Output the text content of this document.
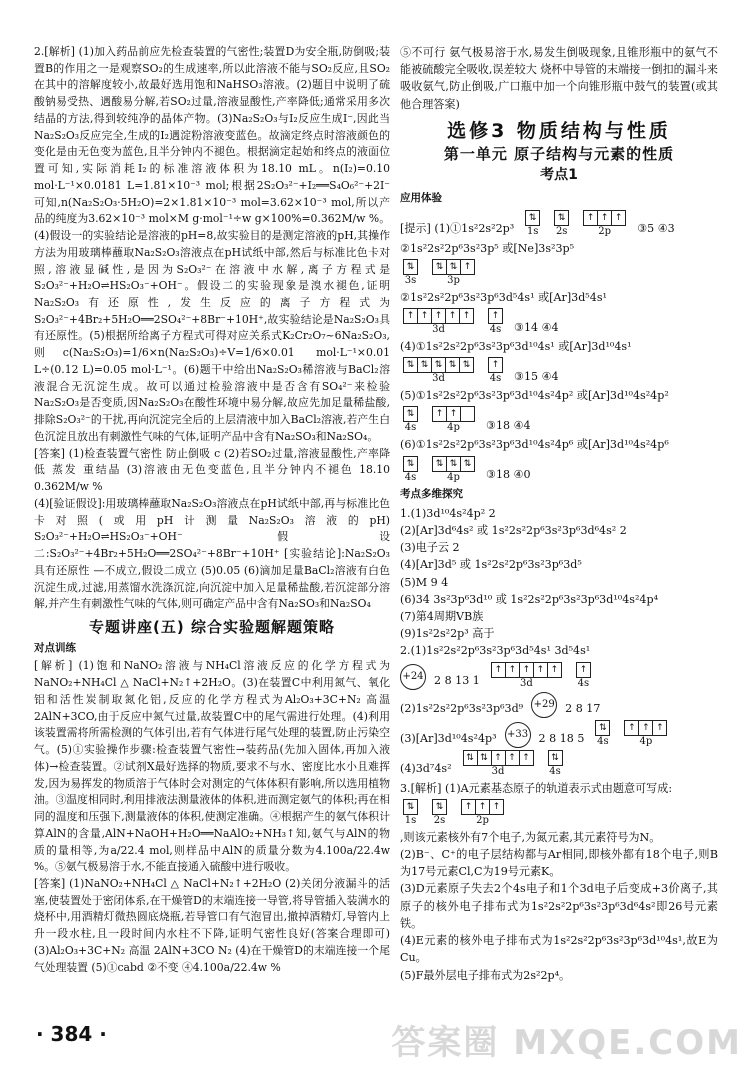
2.[解析] (1)加入药品前应先检查装置的气密性;装置D为安全瓶,防倒吸;装置B的作用之一是观察SO₂的生成速率,所以此溶液不能与SO₂反应,且SO₂在其中的溶解度较小,故最好选用饱和NaHSO₃溶液。(2)题目中说明了硫酸钠易受热、遇酸易分解,若SO₂过量,溶液显酸性,产率降低;通常采用多次结晶的方法,得到较纯净的晶体产物。(3)Na₂S₂O₃与I₂反应生成I⁻,因此当Na₂S₂O₃反应完全,生成的I₂遇淀粉溶液变蓝色。故滴定终点时溶液颜色的变化是由无色变为蓝色,且半分钟内不褪色。根据滴定起始和终点的液面位置可知,实际消耗I₂的标准溶液体积为18.10 mL。n(I₂)=0.10 mol·L⁻¹×0.0181 L=1.81×10⁻³ mol;根据2S₂O₃²⁻+I₂══S₄O₆²⁻+2I⁻可知,n(Na₂S₂O₃·5H₂O)=2×1.81×10⁻³ mol=3.62×10⁻³ mol,所以产品的纯度为3.62×10⁻³ mol×M g·mol⁻¹÷w g×100%=0.362M/w %。(4)假设一的实验结论是溶液的pH=8,故实验目的是测定溶液的pH,其操作方法为用玻璃棒蘸取Na₂S₂O₃溶液点在pH试纸中部,然后与标准比色卡对照,溶液显碱性,是因为S₂O₃²⁻在溶液中水解,离子方程式是S₂O₃²⁻+H₂O⇌HS₂O₃⁻+OH⁻。假设二的实验现象是溴水褪色,证明Na₂S₂O₃有还原性,发生反应的离子方程式为S₂O₃²⁻+4Br₂+5H₂O══2SO₄²⁻+8Br⁻+10H⁺,故实验结论是Na₂S₂O₃具有还原性。(5)根据所给离子方程式可得对应关系式K₂Cr₂O₇~6Na₂S₂O₃,则c(Na₂S₂O₃)=1/6×n(Na₂S₂O₃)÷V=1/6×0.01 mol·L⁻¹×0.01 L÷(0.12 L)=0.05 mol·L⁻¹。(6)题干中给出Na₂S₂O₃稀溶液与BaCl₂溶液混合无沉淀生成。故可以通过检验溶液中是否含有SO₄²⁻来检验Na₂S₂O₃是否变质,因Na₂S₂O₃在酸性环境中易分解,故应先加足量稀盐酸,排除S₂O₃²⁻的干扰,再向沉淀完全后的上层清液中加入BaCl₂溶液,若产生白色沉淀且放出有刺激性气味的气体,证明产品中含有Na₂SO₃和Na₂SO₄。

[答案] (1)检查装置气密性 防止倒吸 c (2)若SO₂过量,溶液显酸性,产率降低 蒸发 重结晶 (3)溶液由无色变蓝色,且半分钟内不褪色 18.10 0.362M/w %

(4)[验证假设]:用玻璃棒蘸取Na₂S₂O₃溶液点在pH试纸中部,再与标准比色卡对照(或用pH计测量Na₂S₂O₃溶液的pH) S₂O₃²⁻+H₂O⇌HS₂O₃⁻+OH⁻ 假设二:S₂O₃²⁻+4Br₂+5H₂O══2SO₄²⁻+8Br⁻+10H⁺ [实验结论]:Na₂S₂O₃具有还原性 —不成立,假设二成立 (5)0.05 (6)滴加足量BaCl₂溶液有白色沉淀生成,过滤,用蒸馏水洗涤沉淀,向沉淀中加入足量稀盐酸,若沉淀部分溶解,并产生有刺激性气味的气体,则可确定产品中含有Na₂SO₃和Na₂SO₄

专题讲座(五) 综合实验题解题策略
对点训练

[解析] (1)饱和NaNO₂溶液与NH₄Cl溶液反应的化学方程式为NaNO₂+NH₄Cl △ NaCl+N₂↑+2H₂O。(3)在装置C中利用氮气、氧化铝和活性炭制取氮化铝,反应的化学方程式为Al₂O₃+3C+N₂ 高温 2AlN+3CO,由于反应中氮气过量,故装置C中的尾气需进行处理。(4)利用该装置需将所需检测的气体引出,若有气体进行尾气处理的装置,防止污染空气。(5)①实验操作步骤:检查装置气密性→装药品(先加入固体,再加入液体)→检查装置。②试剂X最好选择的物质,要求不与水、密度比水小且难挥发,因为易挥发的物质溶于气体时会对测定的气体体积有影响,所以选用植物油。③温度相同时,利用排液法测量液体的体积,进而测定氨气的体积;再在相同的温度和压强下,测量液体的体积,使测定准确。④根据产生的氨气体积计算AlN的含量,AlN+NaOH+H₂O══NaAlO₂+NH₃↑知,氨气与AlN的物质的量相等,为a/22.4 mol,则样品中AlN的质量分数为4.100a/22.4w %。⑤氨气极易溶于水,不能直接通入硫酸中进行吸收。

[答案] (1)NaNO₂+NH₄Cl △ NaCl+N₂↑+2H₂O (2)关闭分液漏斗的活塞,使装置处于密闭体系,在干燥管D的末端连接一导管,将导管插入装满水的烧杯中,用酒精灯微热圆底烧瓶,若导管口有气泡冒出,撤掉酒精灯,导管内上升一段水柱,且一段时间内水柱不下降,证明气密性良好(答案合理即可) (3)Al₂O₃+3C+N₂ 高温 2AlN+3CO N₂ (4)在干燥管D的末端连接一个尾气处理装置 (5)①cabd ②不变 ④4.100a/22.4w %

⑤不可行 氨气极易溶于水,易发生倒吸现象,且锥形瓶中的氨气不能被硫酸完全吸收,误差较大 烧杯中导管的末端接一倒扣的漏斗来吸收氨气,防止倒吸,广口瓶中加一个向锥形瓶中鼓气的装置(或其他合理答案)

选修3 物质结构与性质
第一单元 原子结构与元素的性质
考点1
应用体验
[提示] (1)①1s²2s²2p³
⇅
1s
⇅
2s
↑ ↑ ↑
2p ③5 ④3

②1s²2s²2p⁶3s²3p⁵ 或[Ne]3s²3p⁵

⇅
3s
⇅ ⇅ ↑
3p

②1s²2s²2p⁶3s²3p⁶3d⁵4s¹ 或[Ar]3d⁵4s¹

↑ ↑ ↑ ↑ ↑
3d
↑
4s ③14 ④4

(4)①1s²2s²2p⁶3s²3p⁶3d¹⁰4s¹ 或[Ar]3d¹⁰4s¹

⇅ ⇅ ⇅ ⇅ ⇅
3d
↑
4s ③15 ④4

(5)①1s²2s²2p⁶3s²3p⁶3d¹⁰4s²4p² 或[Ar]3d¹⁰4s²4p²

⇅
4s
↑ ↑
4p ③18 ④4

(6)①1s²2s²2p⁶3s²3p⁶3d¹⁰4s²4p⁶ 或[Ar]3d¹⁰4s²4p⁶

⇅
4s
⇅ ⇅ ⇅
4p ③18 ④0
考点多维探究

1.(1)3d¹⁰4s²4p² 2

(2)[Ar]3d⁶4s² 或 1s²2s²2p⁶3s²3p⁶3d⁶4s² 2

(3)电子云 2

(4)[Ar]3d⁵ 或 1s²2s²2p⁶3s²3p⁶3d⁵

(5)M 9 4

(6)34 3s²3p⁶3d¹⁰ 或 1s²2s²2p⁶3s²3p⁶3d¹⁰4s²4p⁴

(7)第4周期ⅤB族

(9)1s²2s²2p³ 高于

2.(1)1s²2s²2p⁶3s²3p⁶3d⁵4s¹ 3d⁵4s¹

+24 2 8 13 1
↑ ↑ ↑ ↑ ↑
3d
↑
4s
(2)1s²2s²2p⁶3s²3p⁶3d⁹ +29 2 8 17
(3)[Ar]3d¹⁰4s²4p³ +33 2 8 18 5
⇅
4s
↑ ↑ ↑
4p
(4)3d⁷4s²
⇅ ⇅ ↑ ↑ ↑
3d
⇅
4s

3.[解析] (1)A元素基态原子的轨道表示式由题意可写成:

⇅
1s
⇅
2s
↑ ↑ ↑
2p

,则该元素核外有7个电子,为氮元素,其元素符号为N。

(2)B⁻、C⁺的电子层结构都与Ar相同,即核外都有18个电子,则B为17号元素Cl,C为19号元素K。

(3)D元素原子失去2个4s电子和1个3d电子后变成+3价离子,其原子的核外电子排布式为1s²2s²2p⁶3s²3p⁶3d⁶4s²即26号元素铁。

(4)E元素的核外电子排布式为1s²2s²2p⁶3s²3p⁶3d¹⁰4s¹,故E为Cu。

(5)F最外层电子排布式为2s²2p⁴。

· 384 ·	答案圈 MXQE.COM
